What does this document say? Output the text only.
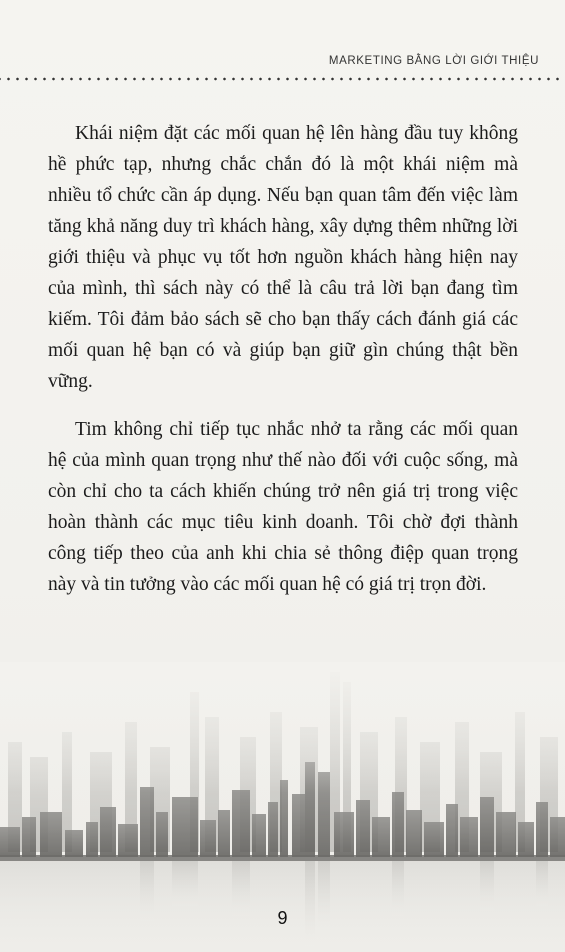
MARKETING BẰNG LỜI GIỚI THIỆU

Khái niệm đặt các mối quan hệ lên hàng đầu tuy không hề phức tạp, nhưng chắc chắn đó là một khái niệm mà nhiều tổ chức cần áp dụng. Nếu bạn quan tâm đến việc làm tăng khả năng duy trì khách hàng, xây dựng thêm những lời giới thiệu và phục vụ tốt hơn nguồn khách hàng hiện nay của mình, thì sách này có thể là câu trả lời bạn đang tìm kiếm. Tôi đảm bảo sách sẽ cho bạn thấy cách đánh giá các mối quan hệ bạn có và giúp bạn giữ gìn chúng thật bền vững.

Tim không chỉ tiếp tục nhắc nhở ta rằng các mối quan hệ của mình quan trọng như thế nào đối với cuộc sống, mà còn chỉ cho ta cách khiến chúng trở nên giá trị trong việc hoàn thành các mục tiêu kinh doanh. Tôi chờ đợi thành công tiếp theo của anh khi chia sẻ thông điệp quan trọng này và tin tưởng vào các mối quan hệ có giá trị trọn đời.

9
